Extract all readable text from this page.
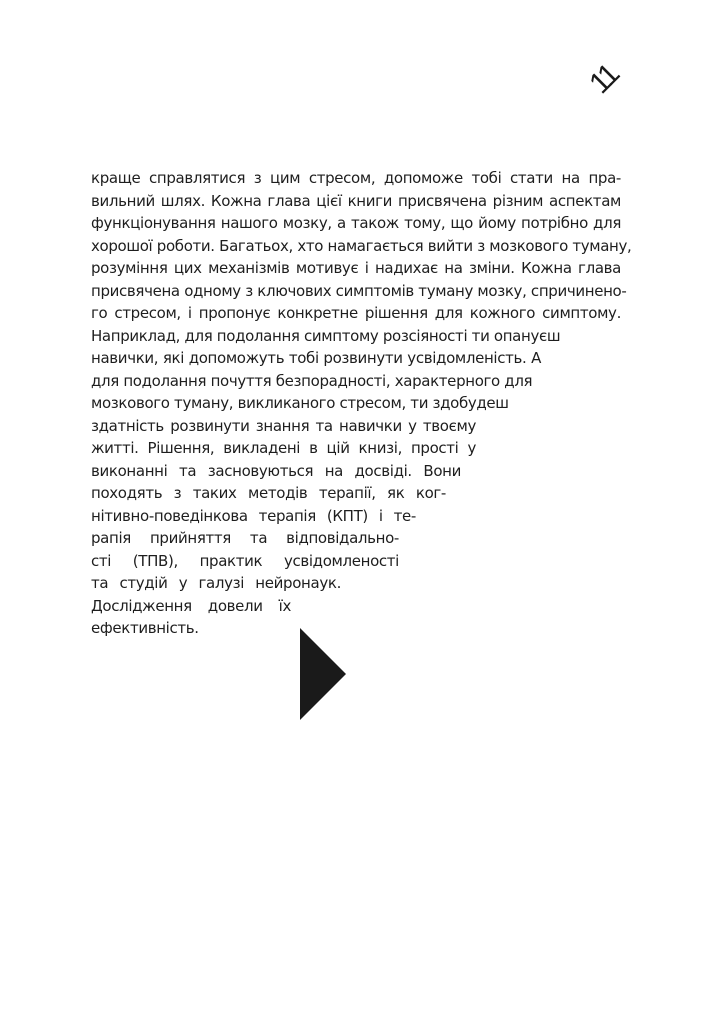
11
краще справлятися з цим стресом, допоможе тобі стати на пра-
вильний шлях. Кожна глава цієї книги присвячена різним аспектам
функціонування нашого мозку, а також тому, що йому потрібно для
хорошої роботи. Багатьох, хто намагається вийти з мозкового туману,
розуміння цих механізмів мотивує і надихає на зміни. Кожна глава
присвячена одному з ключових симптомів туману мозку, спричинено-
го стресом, і пропонує конкретне рішення для кожного симптому.
Наприклад, для подолання симптому розсіяності ти опануєш
навички, які допоможуть тобі розвинути усвідомленість. А
для подолання почуття безпорадності, характерного для
мозкового туману, викликаного стресом, ти здобудеш
здатність розвинути знання та навички у твоєму
житті. Рішення, викладені в цій книзі, прості у
виконанні та засновуються на досвіді. Вони
походять з таких методів терапії, як ког-
нітивно-поведінкова терапія (КПТ) і те-
рапія прийняття та відповідально-
сті (ТПВ), практик усвідомленості
та студій у галузі нейронаук.
Дослідження довели їх
ефективність.
